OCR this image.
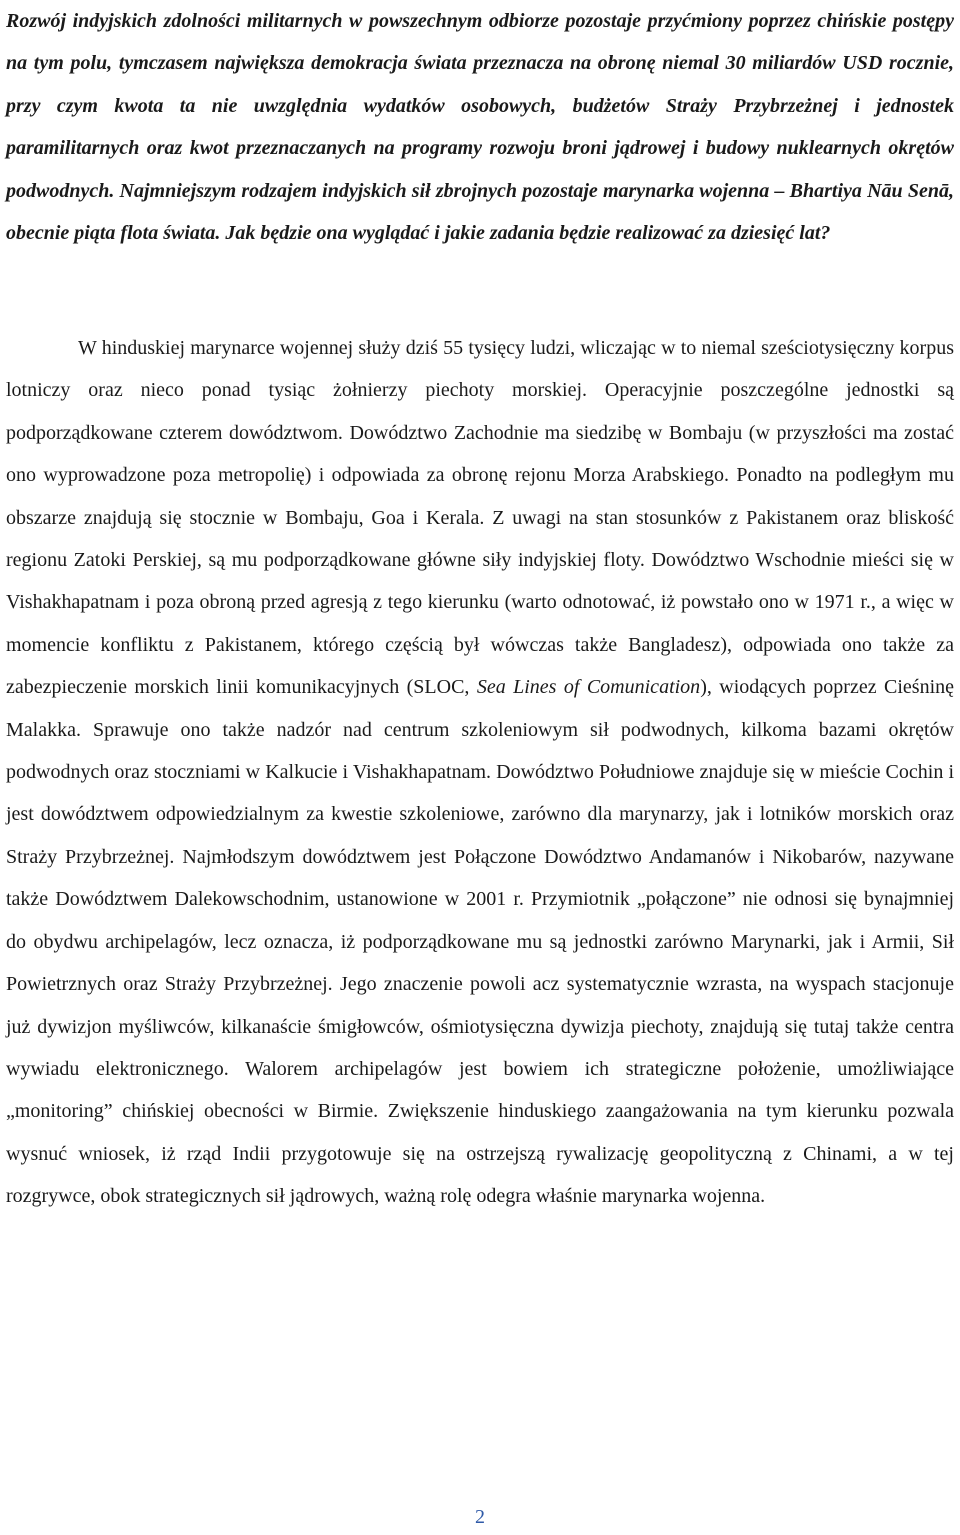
Rozwój indyjskich zdolności militarnych w powszechnym odbiorze pozostaje przyćmiony poprzez chińskie postępy na tym polu, tymczasem największa demokracja świata przeznacza na obronę niemal 30 miliardów USD rocznie, przy czym kwota ta nie uwzględnia wydatków osobowych, budżetów Straży Przybrzeżnej i jednostek paramilitarnych oraz kwot przeznaczanych na programy rozwoju broni jądrowej i budowy nuklearnych okrętów podwodnych. Najmniejszym rodzajem indyjskich sił zbrojnych pozostaje marynarka wojenna – Bhartiya Nāu Senā, obecnie piąta flota świata. Jak będzie ona wyglądać i jakie zadania będzie realizować za dziesięć lat?

W hinduskiej marynarce wojennej służy dziś 55 tysięcy ludzi, wliczając w to niemal sześciotysięczny korpus lotniczy oraz nieco ponad tysiąc żołnierzy piechoty morskiej. Operacyjnie poszczególne jednostki są podporządkowane czterem dowództwom. Dowództwo Zachodnie ma siedzibę w Bombaju (w przyszłości ma zostać ono wyprowadzone poza metropolię) i odpowiada za obronę rejonu Morza Arabskiego. Ponadto na podległym mu obszarze znajdują się stocznie w Bombaju, Goa i Kerala. Z uwagi na stan stosunków z Pakistanem oraz bliskość regionu Zatoki Perskiej, są mu podporządkowane główne siły indyjskiej floty. Dowództwo Wschodnie mieści się w Vishakhapatnam i poza obroną przed agresją z tego kierunku (warto odnotować, iż powstało ono w 1971 r., a więc w momencie konfliktu z Pakistanem, którego częścią był wówczas także Bangladesz), odpowiada ono także za zabezpieczenie morskich linii komunikacyjnych (SLOC, Sea Lines of Comunication), wiodących poprzez Cieśninę Malakka. Sprawuje ono także nadzór nad centrum szkoleniowym sił podwodnych, kilkoma bazami okrętów podwodnych oraz stoczniami w Kalkucie i Vishakhapatnam. Dowództwo Południowe znajduje się w mieście Cochin i jest dowództwem odpowiedzialnym za kwestie szkoleniowe, zarówno dla marynarzy, jak i lotników morskich oraz Straży Przybrzeżnej. Najmłodszym dowództwem jest Połączone Dowództwo Andamanów i Nikobarów, nazywane także Dowództwem Dalekowschodnim, ustanowione w 2001 r. Przymiotnik „połączone” nie odnosi się bynajmniej do obydwu archipelagów, lecz oznacza, iż podporządkowane mu są jednostki zarówno Marynarki, jak i Armii, Sił Powietrznych oraz Straży Przybrzeżnej. Jego znaczenie powoli acz systematycznie wzrasta, na wyspach stacjonuje już dywizjon myśliwców, kilkanaście śmigłowców, ośmiotysięczna dywizja piechoty, znajdują się tutaj także centra wywiadu elektronicznego. Walorem archipelagów jest bowiem ich strategiczne położenie, umożliwiające „monitoring” chińskiej obecności w Birmie. Zwiększenie hinduskiego zaangażowania na tym kierunku pozwala wysnuć wniosek, iż rząd Indii przygotowuje się na ostrzejszą rywalizację geopolityczną z Chinami, a w tej rozgrywce, obok strategicznych sił jądrowych, ważną rolę odegra właśnie marynarka wojenna.

2
